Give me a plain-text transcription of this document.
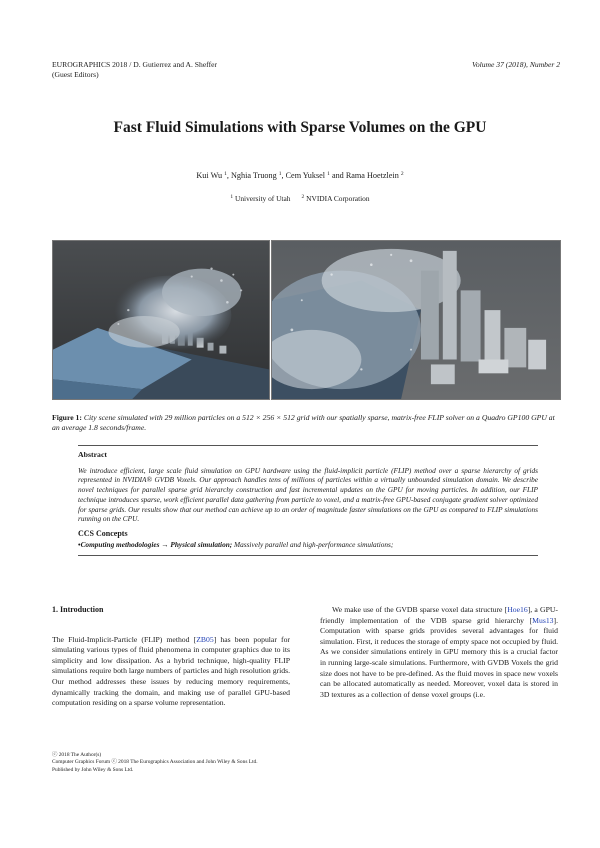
EUROGRAPHICS 2018 / D. Gutierrez and A. Sheffer
(Guest Editors)
Volume 37 (2018), Number 2
Fast Fluid Simulations with Sparse Volumes on the GPU
Kui Wu $^1$, Nghia Truong $^1$, Cem Yuksel $^1$ and Rama Hoetzlein $^2$
$^1$ University of Utah $^2$ NVIDIA Corporation
Figure 1: City scene simulated with 29 million particles on a 512 × 256 × 512 grid with our spatially sparse, matrix-free FLIP solver on a Quadro GP100 GPU at an average 1.8 seconds/frame.
Abstract
We introduce efficient, large scale fluid simulation on GPU hardware using the fluid-implicit particle (FLIP) method over a sparse hierarchy of grids represented in NVIDIA® GVDB Voxels. Our approach handles tens of millions of particles within a virtually unbounded simulation domain. We describe novel techniques for parallel sparse grid hierarchy construction and fast incremental updates on the GPU for moving particles. In addition, our FLIP technique introduces sparse, work efficient parallel data gathering from particle to voxel, and a matrix-free GPU-based conjugate gradient solver optimized for sparse grids. Our results show that our method can achieve up to an order of magnitude faster simulations on the GPU as compared to FLIP simulations running on the CPU.
CCS Concepts
•Computing methodologies → Physical simulation; Massively parallel and high-performance simulations;
1. Introduction

The Fluid-Implicit-Particle (FLIP) method [ZB05] has been popular for simulating various types of fluid phenomena in computer graphics due to its simplicity and low dissipation. As a hybrid technique, high-quality FLIP simulations require both large numbers of particles and high resolution grids. Our method addresses these issues by reducing memory requirements, dynamically tracking the domain, and making use of parallel GPU-based computation residing on a sparse volume representation.

We make use of the GVDB sparse voxel data structure [Hoe16], a GPU-friendly implementation of the VDB sparse grid hierarchy [Mus13]. Computation with sparse grids provides several advantages for fluid simulation. First, it reduces the storage of empty space not occupied by fluid. As we consider simulations entirely in GPU memory this is a crucial factor in running large-scale simulations. Furthermore, with GVDB Voxels the grid size does not have to be pre-defined. As the fluid moves in space new voxels can be allocated automatically as needed. Moreover, voxel data is stored in 3D textures as a collection of dense voxel groups (i.e.

ⓒ 2018 The Author(s)
Computer Graphics Forum ⓒ 2018 The Eurographics Association and John Wiley & Sons Ltd. Published by John Wiley & Sons Ltd.
